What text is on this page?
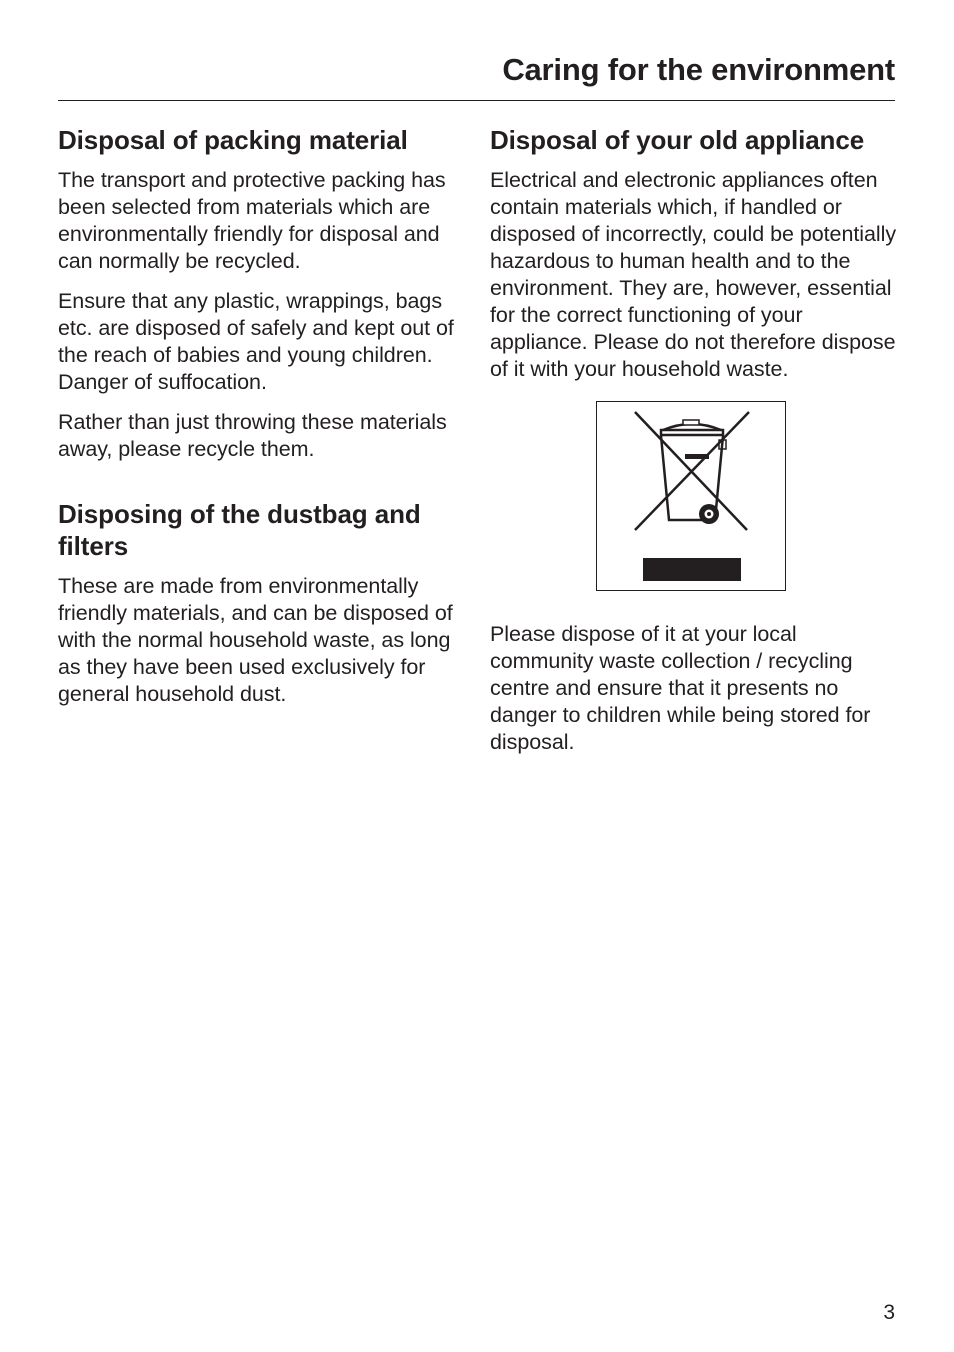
Caring for the environment
Disposal of packing material

The transport and protective packing has been selected from materials which are environmentally friendly for disposal and can normally be recycled.

Ensure that any plastic, wrappings, bags etc. are disposed of safely and kept out of the reach of babies and young children. Danger of suffocation.

Rather than just throwing these materials away, please recycle them.

Disposing of the dustbag and filters

These are made from environmentally friendly materials, and can be disposed of with the normal household waste, as long as they have been used exclusively for general household dust.

Disposal of your old appliance

Electrical and electronic appliances often contain materials which, if handled or disposed of incorrectly, could be potentially hazardous to human health and to the environment. They are, however, essential for the correct functioning of your appliance. Please do not therefore dispose of it with your household waste.

Please dispose of it at your local community waste collection / recycling centre and ensure that it presents no danger to children while being stored for disposal.

3
